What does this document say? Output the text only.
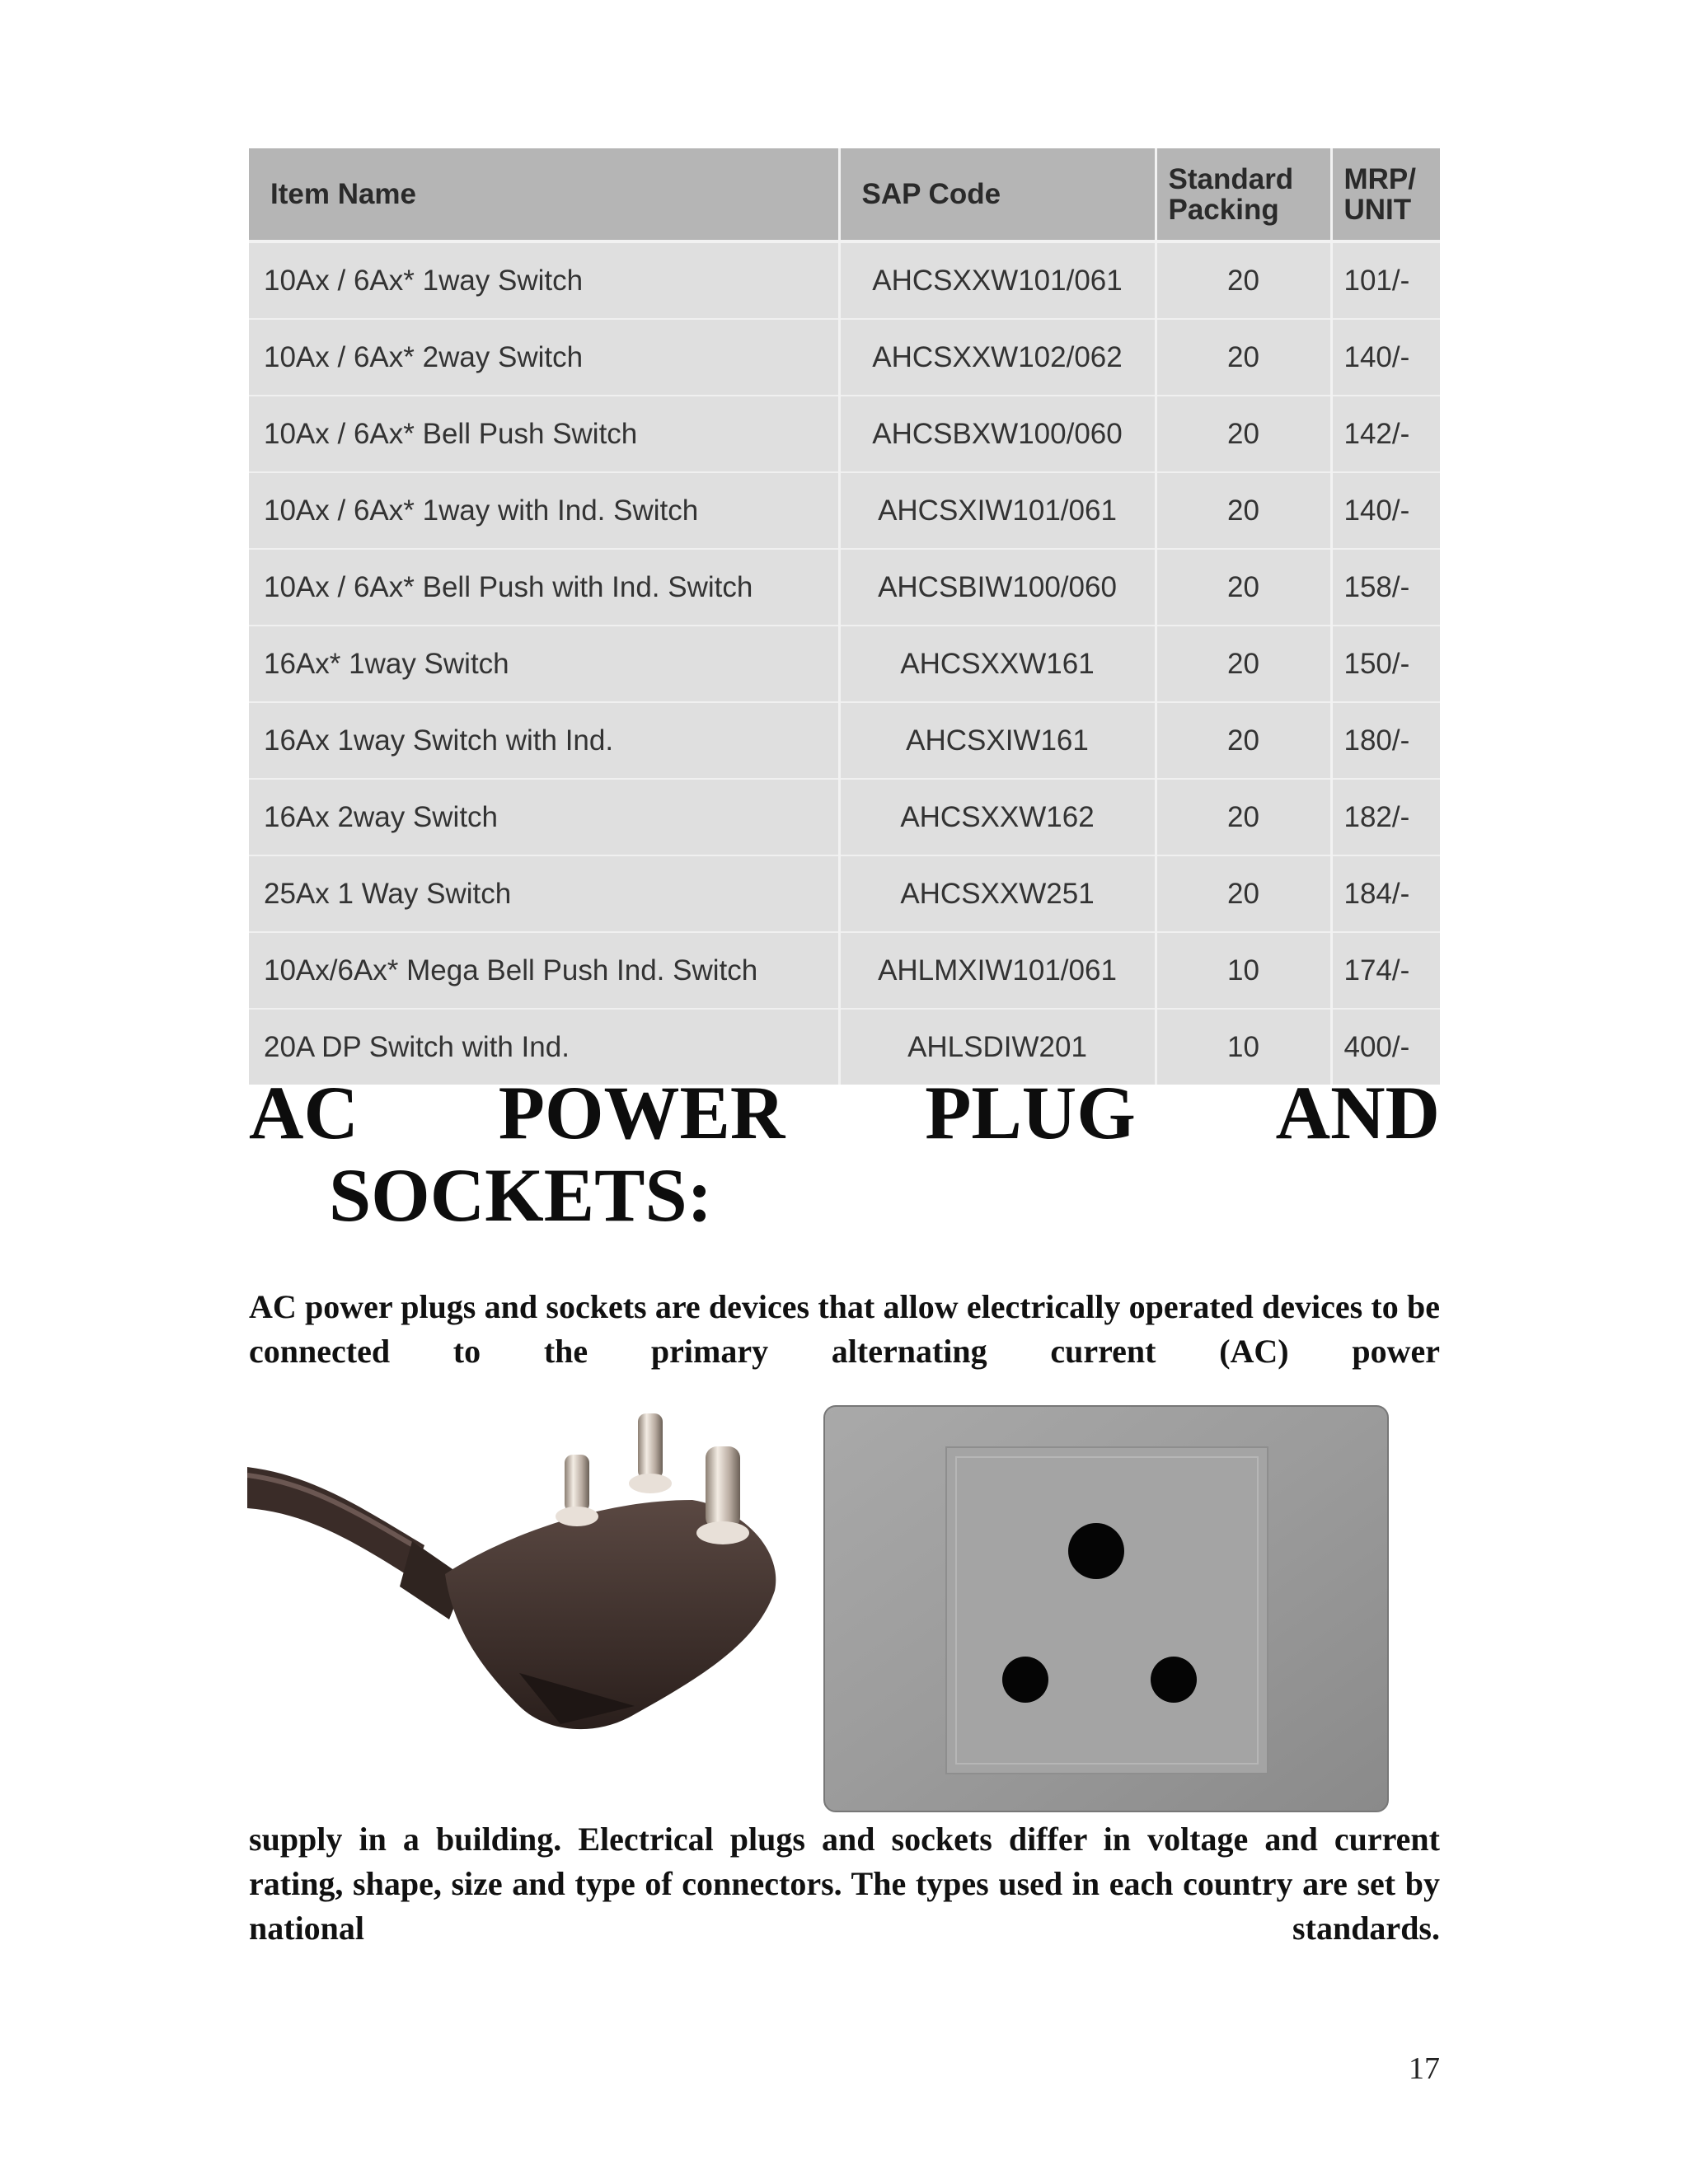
Item Name	SAP Code	Standard Packing	MRP/ UNIT
10Ax / 6Ax* 1way Switch	AHCSXXW101/061	20	101/-
10Ax / 6Ax* 2way Switch	AHCSXXW102/062	20	140/-
10Ax / 6Ax* Bell Push Switch	AHCSBXW100/060	20	142/-
10Ax / 6Ax* 1way with Ind. Switch	AHCSXIW101/061	20	140/-
10Ax / 6Ax* Bell Push with Ind. Switch	AHCSBIW100/060	20	158/-
16Ax* 1way Switch	AHCSXXW161	20	150/-
16Ax 1way Switch with Ind.	AHCSXIW161	20	180/-
16Ax 2way Switch	AHCSXXW162	20	182/-
25Ax 1 Way Switch	AHCSXXW251	20	184/-
10Ax/6Ax* Mega Bell Push Ind. Switch	AHLMXIW101/061	10	174/-
20A DP Switch with Ind.	AHLSDIW201	10	400/-
AC POWER PLUG AND
SOCKETS:

AC power plugs and sockets are devices that allow electrically operated devices to be connected to the primary alternating current (AC) power

supply in a building. Electrical plugs and sockets differ in voltage and current rating, shape, size and type of connectors. The types used in each country are set by national standards.

17
